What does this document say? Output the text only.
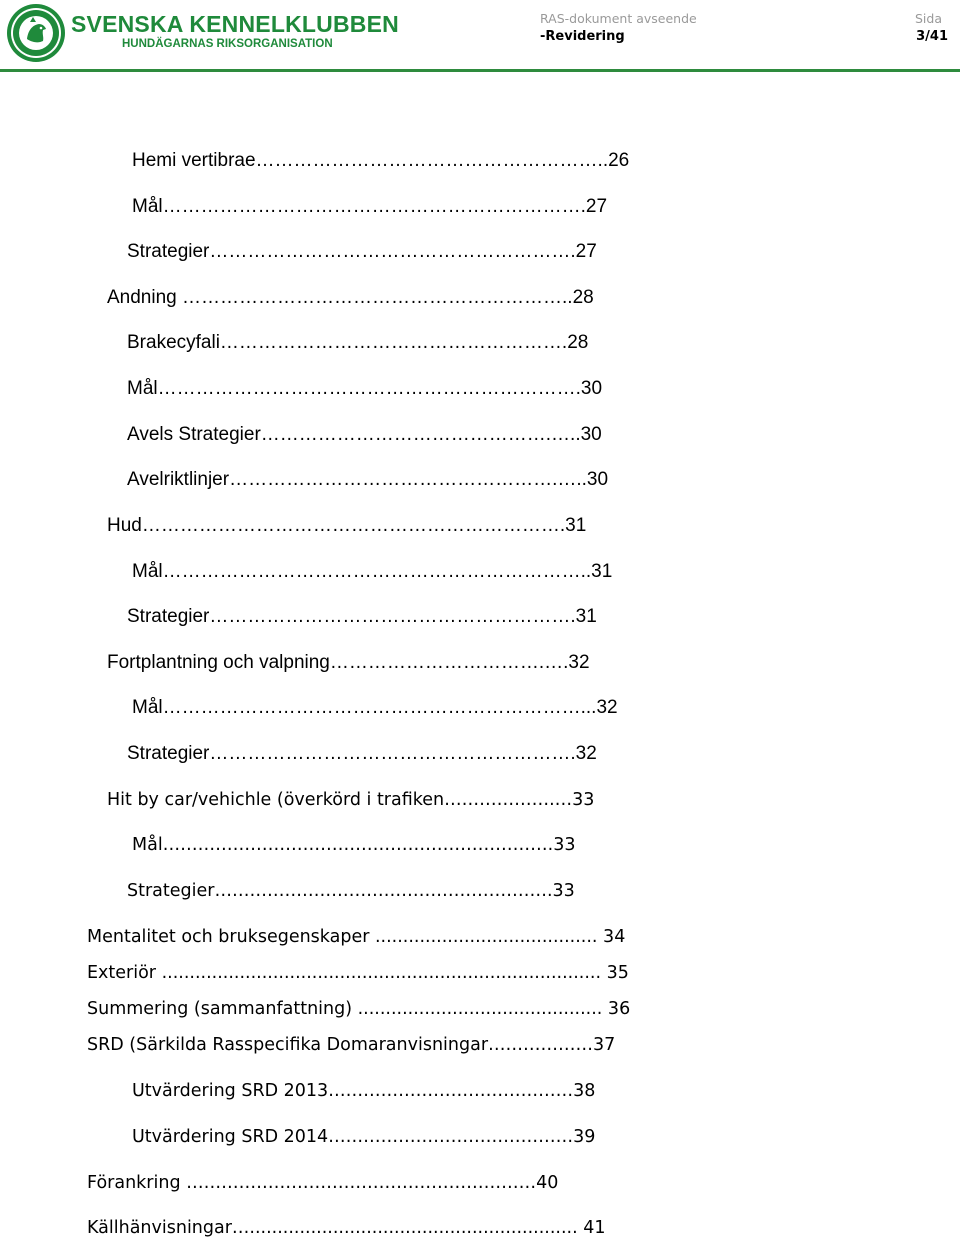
SVENSKA KENNELKLUBBEN
HUNDÄGARNAS RIKSORGANISATION
RAS-dokument avseende
-Revidering
Sida
3/41
Hemi vertibrae………………………………………………..26
Mål………………………………………………………….27
Strategier………………………………………………….27
Andning ……………………………………………………..28
Brakecyfali……………………………………………….28
Mål………………………………………………………….30
Avels Strategier……………………………………….…..30
Avelriktlinjer…………………………………………….…..30
Hud………………………………………………………….31
Mål…………………………………………………………..31
Strategier………………………………………………….31
Fortplantning och valpning…………………………….….32
Mål…………………………………………………………...32
Strategier………………………………………………….32
Hit by car/vehichle (överkörd i trafiken……………….…33
Mål………………………………………………………….33
Strategier………………………………………………….33
Mentalitet och bruksegenskaper ........................................ 34
Exteriör ............................................................................... 35
Summering (sammanfattning) ............................................ 36
SRD (Särkilda Rasspecifika Domaranvisningar………………37
Utvärdering SRD 2013……………………………………38
Utvärdering SRD 2014……………………………………39
Förankring ……………………………………………………40
Källhänvisningar…........................................................... 41
